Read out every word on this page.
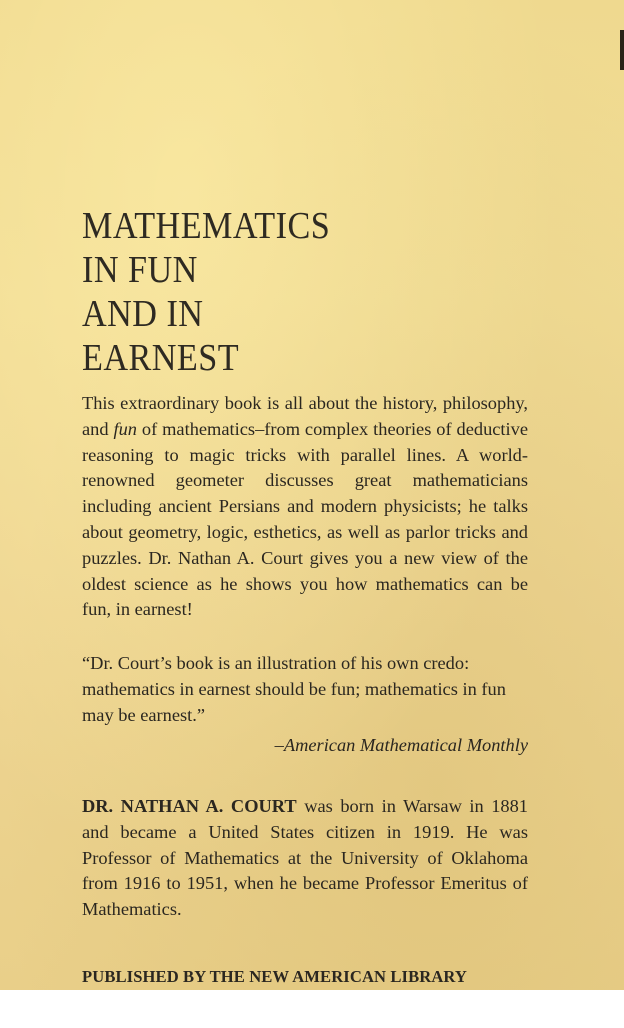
MATHEMATICS
IN FUN
AND IN
EARNEST
This extraordinary book is all about the history, philosophy, and fun of mathematics–from complex theories of deductive reasoning to magic tricks with parallel lines. A world-renowned geometer discusses great mathematicians including ancient Persians and modern physicists; he talks about geometry, logic, esthetics, as well as parlor tricks and puzzles. Dr. Nathan A. Court gives you a new view of the oldest science as he shows you how mathematics can be fun, in earnest!
“Dr. Court’s book is an illustration of his own credo: mathematics in earnest should be fun; mathematics in fun may be earnest.”
–American Mathematical Monthly
DR. NATHAN A. COURT was born in Warsaw in 1881 and became a United States citizen in 1919. He was Professor of Mathematics at the University of Oklahoma from 1916 to 1951, when he became Professor Emeritus of Mathematics.
PUBLISHED BY THE NEW AMERICAN LIBRARY
